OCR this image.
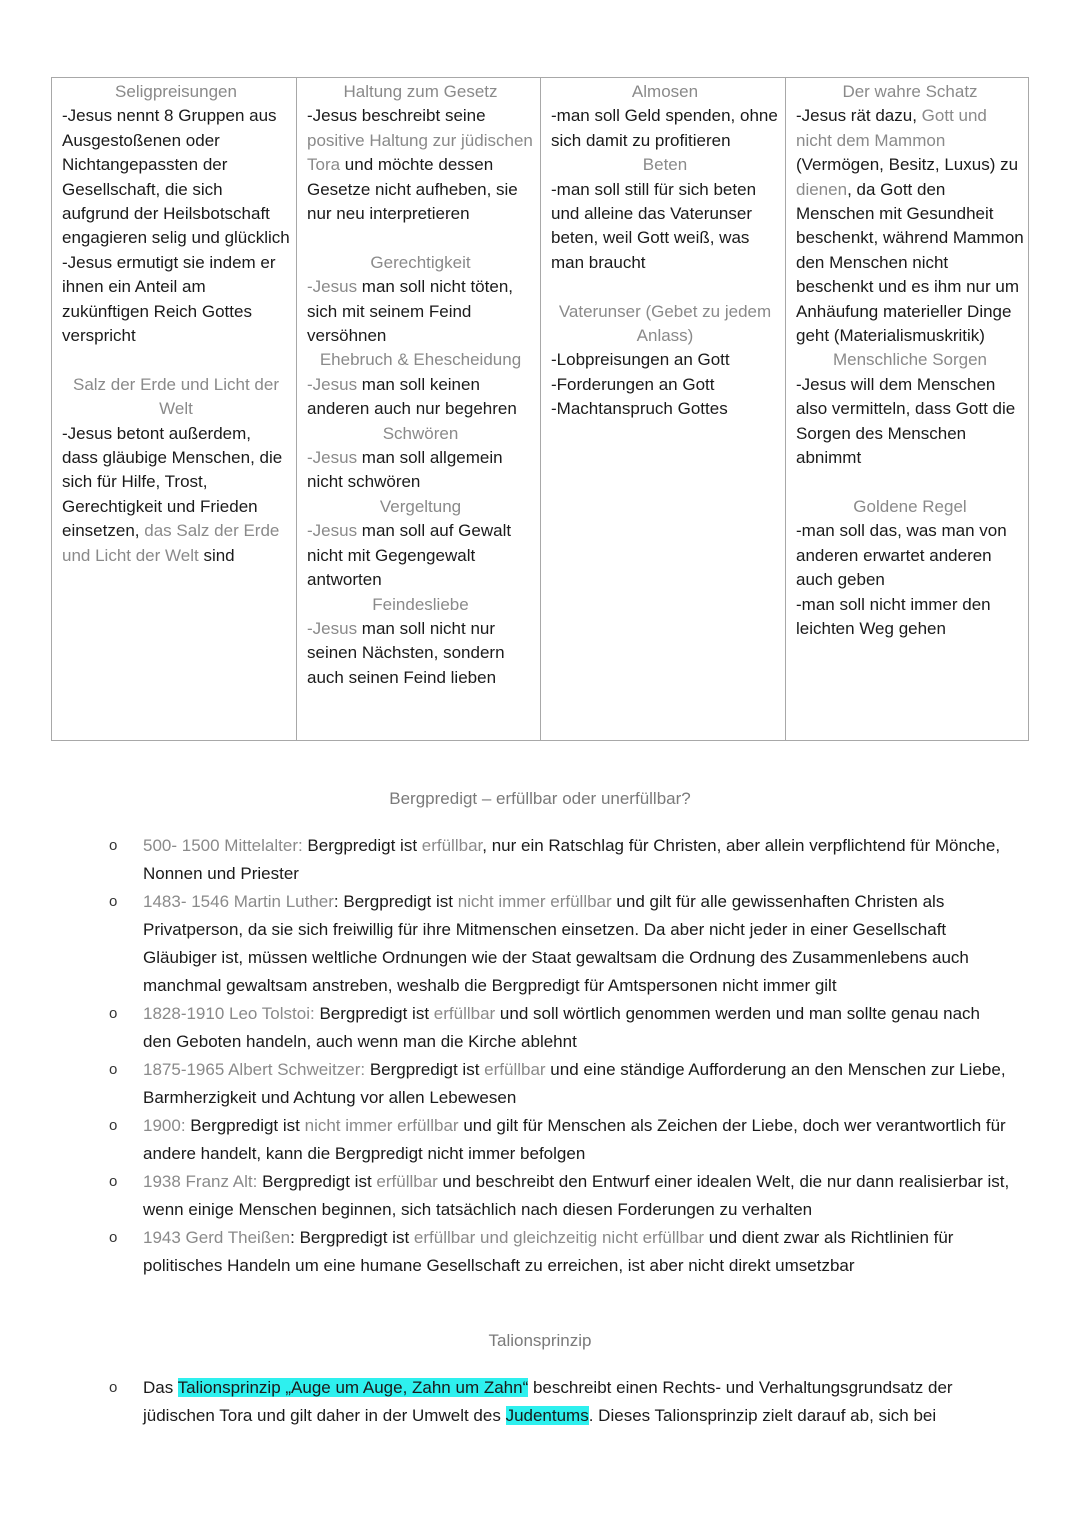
Seligpreisungen
-Jesus nennt 8 Gruppen aus Ausgestoßenen oder Nichtangepassten der Gesellschaft, die sich aufgrund der Heilsbotschaft engagieren selig und glücklich
-Jesus ermutigt sie indem er ihnen ein Anteil am zukünftigen Reich Gottes verspricht
Salz der Erde und Licht der Welt
-Jesus betont außerdem, dass gläubige Menschen, die sich für Hilfe, Trost, Gerechtigkeit und Frieden einsetzen, das Salz der Erde und Licht der Welt sind
Haltung zum Gesetz
-Jesus beschreibt seine positive Haltung zur jüdischen Tora und möchte dessen Gesetze nicht aufheben, sie nur neu interpretieren
Gerechtigkeit
-Jesus man soll nicht töten, sich mit seinem Feind versöhnen
Ehebruch & Ehescheidung
-Jesus man soll keinen anderen auch nur begehren
Schwören
-Jesus man soll allgemein nicht schwören
Vergeltung
-Jesus man soll auf Gewalt nicht mit Gegengewalt antworten
Feindesliebe
-Jesus man soll nicht nur seinen Nächsten, sondern auch seinen Feind lieben
Almosen
-man soll Geld spenden, ohne sich damit zu profitieren
Beten
-man soll still für sich beten und alleine das Vaterunser beten, weil Gott weiß, was man braucht
Vaterunser (Gebet zu jedem Anlass)
-Lobpreisungen an Gott
-Forderungen an Gott
-Machtanspruch Gottes
Der wahre Schatz
-Jesus rät dazu, Gott und nicht dem Mammon (Vermögen, Besitz, Luxus) zu dienen, da Gott den Menschen mit Gesundheit beschenkt, während Mammon den Menschen nicht beschenkt und es ihm nur um Anhäufung materieller Dinge geht (Materialismuskritik)
Menschliche Sorgen
-Jesus will dem Menschen also vermitteln, dass Gott die Sorgen des Menschen abnimmt
Goldene Regel
-man soll das, was man von anderen erwartet anderen auch geben
-man soll nicht immer den leichten Weg gehen
Bergpredigt – erfüllbar oder unerfüllbar?
o 500- 1500 Mittelalter: Bergpredigt ist erfüllbar, nur ein Ratschlag für Christen, aber allein verpflichtend für Mönche, Nonnen und Priester
o 1483- 1546 Martin Luther: Bergpredigt ist nicht immer erfüllbar und gilt für alle gewissenhaften Christen als Privatperson, da sie sich freiwillig für ihre Mitmenschen einsetzen. Da aber nicht jeder in einer Gesellschaft Gläubiger ist, müssen weltliche Ordnungen wie der Staat gewaltsam die Ordnung des Zusammenlebens auch manchmal gewaltsam anstreben, weshalb die Bergpredigt für Amtspersonen nicht immer gilt
o 1828-1910 Leo Tolstoi: Bergpredigt ist erfüllbar und soll wörtlich genommen werden und man sollte genau nach den Geboten handeln, auch wenn man die Kirche ablehnt
o 1875-1965 Albert Schweitzer: Bergpredigt ist erfüllbar und eine ständige Aufforderung an den Menschen zur Liebe, Barmherzigkeit und Achtung vor allen Lebewesen
o 1900: Bergpredigt ist nicht immer erfüllbar und gilt für Menschen als Zeichen der Liebe, doch wer verantwortlich für andere handelt, kann die Bergpredigt nicht immer befolgen
o 1938 Franz Alt: Bergpredigt ist erfüllbar und beschreibt den Entwurf einer idealen Welt, die nur dann realisierbar ist, wenn einige Menschen beginnen, sich tatsächlich nach diesen Forderungen zu verhalten
o 1943 Gerd Theißen: Bergpredigt ist erfüllbar und gleichzeitig nicht erfüllbar und dient zwar als Richtlinien für politisches Handeln um eine humane Gesellschaft zu erreichen, ist aber nicht direkt umsetzbar
Talionsprinzip
o Das Talionsprinzip „Auge um Auge, Zahn um Zahn“ beschreibt einen Rechts- und Verhaltungsgrundsatz der jüdischen Tora und gilt daher in der Umwelt des Judentums. Dieses Talionsprinzip zielt darauf ab, sich bei
